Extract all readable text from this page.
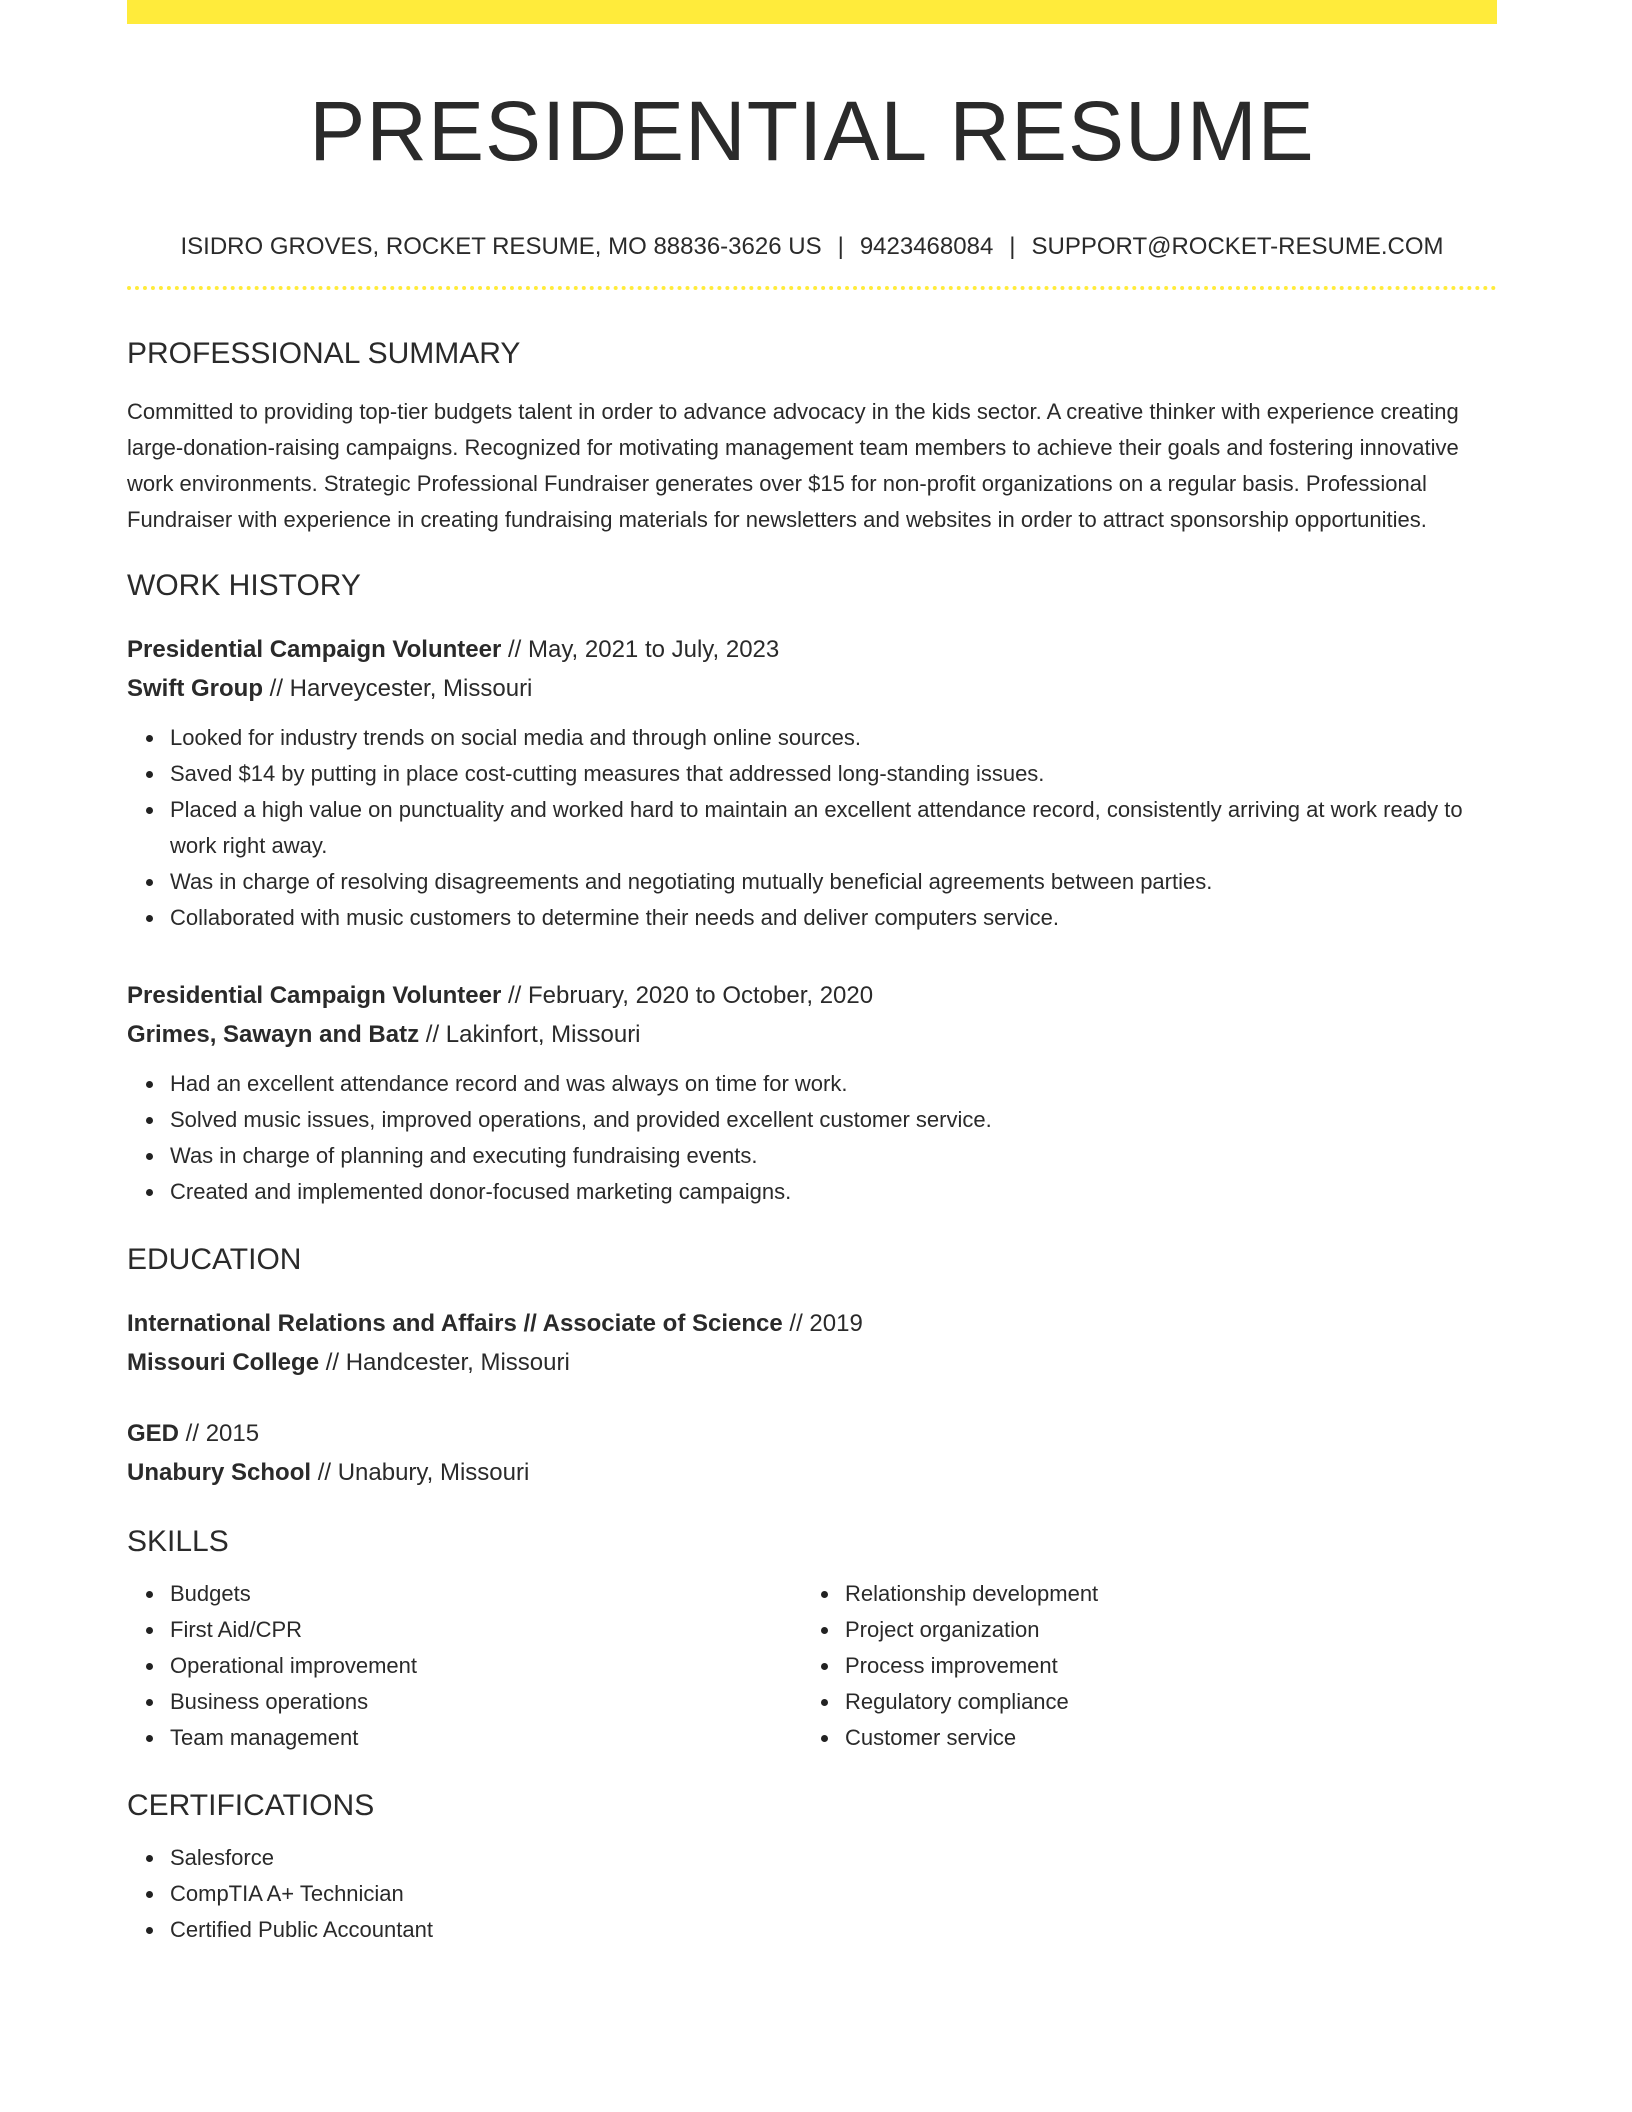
PRESIDENTIAL RESUME
ISIDRO GROVES, ROCKET RESUME, MO 88836-3626 US | 9423468084 | SUPPORT@ROCKET-RESUME.COM
PROFESSIONAL SUMMARY
Committed to providing top-tier budgets talent in order to advance advocacy in the kids sector. A creative thinker with experience creating large-donation-raising campaigns. Recognized for motivating management team members to achieve their goals and fostering innovative work environments. Strategic Professional Fundraiser generates over $15 for non-profit organizations on a regular basis. Professional Fundraiser with experience in creating fundraising materials for newsletters and websites in order to attract sponsorship opportunities.
WORK HISTORY
Presidential Campaign Volunteer // May, 2021 to July, 2023
Swift Group // Harveycester, Missouri
Looked for industry trends on social media and through online sources.
Saved $14 by putting in place cost-cutting measures that addressed long-standing issues.
Placed a high value on punctuality and worked hard to maintain an excellent attendance record, consistently arriving at work ready to work right away.
Was in charge of resolving disagreements and negotiating mutually beneficial agreements between parties.
Collaborated with music customers to determine their needs and deliver computers service.
Presidential Campaign Volunteer // February, 2020 to October, 2020
Grimes, Sawayn and Batz // Lakinfort, Missouri
Had an excellent attendance record and was always on time for work.
Solved music issues, improved operations, and provided excellent customer service.
Was in charge of planning and executing fundraising events.
Created and implemented donor-focused marketing campaigns.
EDUCATION
International Relations and Affairs // Associate of Science // 2019
Missouri College // Handcester, Missouri
GED // 2015
Unabury School // Unabury, Missouri
SKILLS
Budgets
First Aid/CPR
Operational improvement
Business operations
Team management
Relationship development
Project organization
Process improvement
Regulatory compliance
Customer service
CERTIFICATIONS
Salesforce
CompTIA A+ Technician
Certified Public Accountant
